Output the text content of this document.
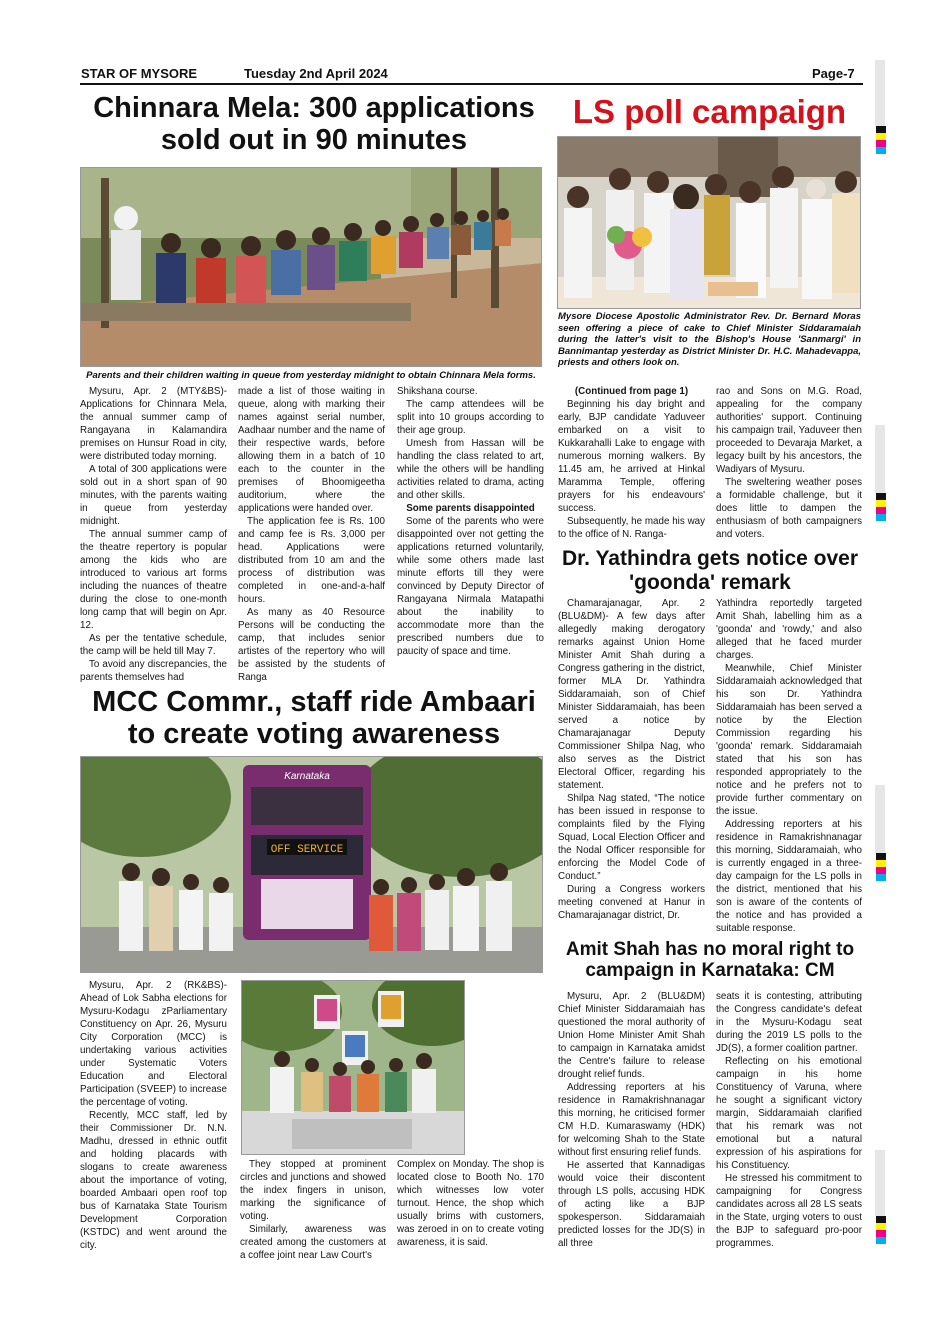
STAR OF MYSORE	Tuesday 2nd April 2024	Page-7
Chinnara Mela: 300 applications sold out in 90 minutes
Parents and their children waiting in queue from yesterday midnight to obtain Chinnara Mela forms.

Mysuru, Apr. 2 (MTY&BS)- Applications for Chinnara Mela, the annual summer camp of Rangayana in Kalamandira premises on Hunsur Road in city, were distributed today morning.

A total of 300 applications were sold out in a short span of 90 minutes, with the parents waiting in queue from yesterday midnight.

The annual summer camp of the theatre repertory is popular among the kids who are introduced to various art forms including the nuances of theatre during the close to one-month long camp that will begin on Apr. 12.

As per the tentative schedule, the camp will be held till May 7.

To avoid any discrepancies, the parents themselves had

made a list of those waiting in queue, along with marking their names against serial number, Aadhaar number and the name of their respective wards, before allowing them in a batch of 10 each to the counter in the premises of Bhoomigeetha auditorium, where the applications were handed over.

The application fee is Rs. 100 and camp fee is Rs. 3,000 per head. Applications were distributed from 10 am and the process of distribution was completed in one-and-a-half hours.

As many as 40 Resource Persons will be conducting the camp, that includes senior artistes of the repertory who will be assisted by the students of Ranga

Shikshana course.

The camp attendees will be split into 10 groups according to their age group.

Umesh from Hassan will be handling the class related to art, while the others will be handling activities related to drama, acting and other skills.

Some parents disappointed

Some of the parents who were disappointed over not getting the applications returned voluntarily, while some others made last minute efforts till they were convinced by Deputy Director of Rangayana Nirmala Matapathi about the inability to accommodate more than the prescribed numbers due to paucity of space and time.

LS poll campaign
Mysore Diocese Apostolic Administrator Rev. Dr. Bernard Moras seen offering a piece of cake to Chief Minister Siddaramaiah during the latter's visit to the Bishop's House 'Sanmargi' in Bannimantap yesterday as District Minister Dr. H.C. Mahadevappa, priests and others look on.

(Continued from page 1)

Beginning his day bright and early, BJP candidate Yaduveer embarked on a visit to Kukkarahalli Lake to engage with numerous morning walkers. By 11.45 am, he arrived at Hinkal Maramma Temple, offering prayers for his endeavours' success.

Subsequently, he made his way to the office of N. Ranga-

rao and Sons on M.G. Road, appealing for the company authorities' support. Continuing his campaign trail, Yaduveer then proceeded to Devaraja Market, a legacy built by his ancestors, the Wadiyars of Mysuru.

The sweltering weather poses a formidable challenge, but it does little to dampen the enthusiasm of both campaigners and voters.

Dr. Yathindra gets notice over 'goonda' remark

Chamarajanagar, Apr. 2 (BLU&DM)- A few days after allegedly making derogatory remarks against Union Home Minister Amit Shah during a Congress gathering in the district, former MLA Dr. Yathindra Siddaramaiah, son of Chief Minister Siddaramaiah, has been served a notice by Chamarajanagar Deputy Commissioner Shilpa Nag, who also serves as the District Electoral Officer, regarding his statement.

Shilpa Nag stated, “The notice has been issued in response to complaints filed by the Flying Squad, Local Election Officer and the Nodal Officer responsible for enforcing the Model Code of Conduct.”

During a Congress workers meeting convened at Hanur in Chamarajanagar district, Dr.

Yathindra reportedly targeted Amit Shah, labelling him as a 'goonda' and 'rowdy,' and also alleged that he faced murder charges.

Meanwhile, Chief Minister Siddaramaiah acknowledged that his son Dr. Yathindra Siddaramaiah has been served a notice by the Election Commission regarding his 'goonda' remark. Siddaramaiah stated that his son has responded appropriately to the notice and he prefers not to provide further commentary on the issue.

Addressing reporters at his residence in Ramakrishnanagar this morning, Siddaramaiah, who is currently engaged in a three-day campaign for the LS polls in the district, mentioned that his son is aware of the contents of the notice and has provided a suitable response.

MCC Commr., staff ride Ambaari to create voting awareness
OFF SERVICE
Karnataka

Mysuru, Apr. 2 (RK&BS)- Ahead of Lok Sabha elections for Mysuru-Kodagu zParliamentary Constituency on Apr. 26, Mysuru City Corporation (MCC) is undertaking various activities under Systematic Voters Education and Electoral Participation (SVEEP) to increase the percentage of voting.

Recently, MCC staff, led by their Commissioner Dr. N.N. Madhu, dressed in ethnic outfit and holding placards with slogans to create awareness about the importance of voting, boarded Ambaari open roof top bus of Karnataka State Tourism Development Corporation (KSTDC) and went around the city.

They stopped at prominent circles and junctions and showed the index fingers in unison, marking the significance of voting.

Similarly, awareness was created among the customers at a coffee joint near Law Court's

Complex on Monday. The shop is located close to Booth No. 170 which witnesses low voter turnout. Hence, the shop which usually brims with customers, was zeroed in on to create voting awareness, it is said.

Amit Shah has no moral right to campaign in Karnataka: CM

Mysuru, Apr. 2 (BLU&DM) Chief Minister Siddaramaiah has questioned the moral authority of Union Home Minister Amit Shah to campaign in Karnataka amidst the Centre's failure to release drought relief funds.

Addressing reporters at his residence in Ramakrishnanagar this morning, he criticised former CM H.D. Kumaraswamy (HDK) for welcoming Shah to the State without first ensuring relief funds.

He asserted that Kannadigas would voice their discontent through LS polls, accusing HDK of acting like a BJP spokesperson. Siddaramaiah predicted losses for the JD(S) in all three

seats it is contesting, attributing the Congress candidate's defeat in the Mysuru-Kodagu seat during the 2019 LS polls to the JD(S), a former coalition partner.

Reflecting on his emotional campaign in his home Constituency of Varuna, where he sought a significant victory margin, Siddaramaiah clarified that his remark was not emotional but a natural expression of his aspirations for his Constituency.

He stressed his commitment to campaigning for Congress candidates across all 28 LS seats in the State, urging voters to oust the BJP to safeguard pro-poor programmes.
